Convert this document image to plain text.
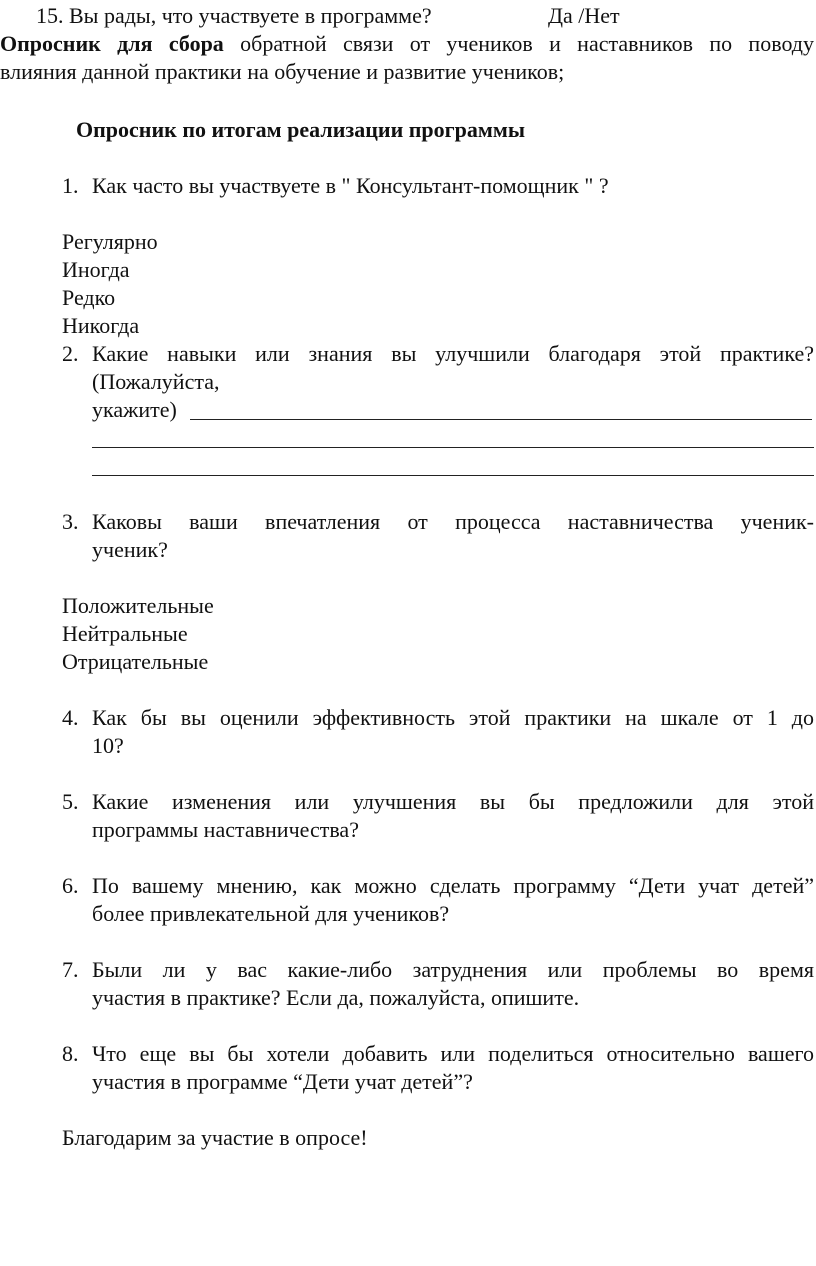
15. Вы рады, что участвуете в программе?	Да /Нет
Опросник для сбора обратной связи от учеников и наставников по поводу
влияния данной практики на обучение и развитие учеников;
Опросник по итогам реализации программы
1. Как часто вы участвуете в " Консультант-помощник " ?
Регулярно
Иногда
Редко
Никогда
2. Какие навыки или знания вы улучшили благодаря этой практике?
(Пожалуйста,
укажите)
3. Каковы ваши впечатления от процесса наставничества ученик-
ученик?
Положительные
Нейтральные
Отрицательные
4. Как бы вы оценили эффективность этой практики на шкале от 1 до
10?
5. Какие изменения или улучшения вы бы предложили для этой
программы наставничества?
6. По вашему мнению, как можно сделать программу “Дети учат детей”
более привлекательной для учеников?
7. Были ли у вас какие-либо затруднения или проблемы во время
участия в практике? Если да, пожалуйста, опишите.
8. Что еще вы бы хотели добавить или поделиться относительно вашего
участия в программе “Дети учат детей”?
Благодарим за участие в опросе!
